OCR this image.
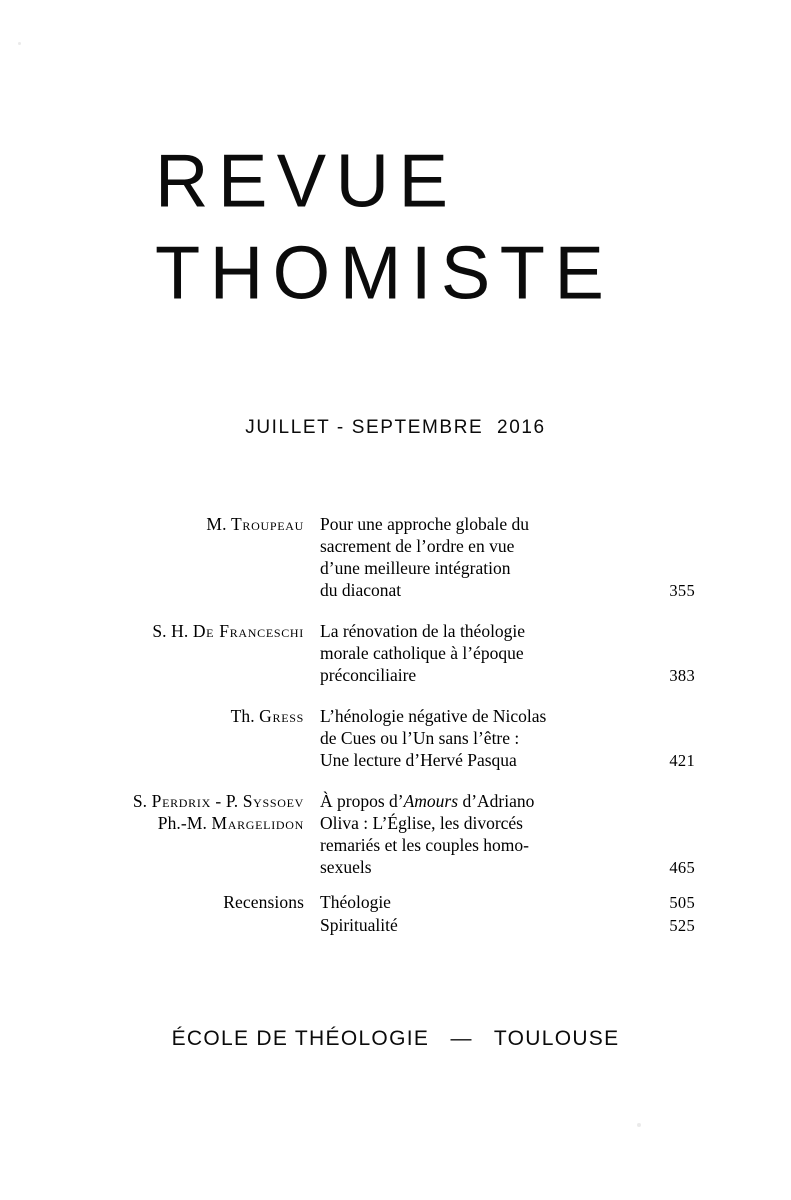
REVUE
THOMISTE
JUILLET - SEPTEMBRE  2016
M. Troupeau Pour une approche globale du
sacrement de l’ordre en vue
d’une meilleure intégration
du diaconat	355
S. H. De Franceschi La rénovation de la théologie
morale catholique à l’époque
préconciliaire	383
Th. Gress L’hénologie négative de Nicolas
de Cues ou l’Un sans l’être :
Une lecture d’Hervé Pasqua	421
S. Perdrix - P. Syssoev
Ph.-M. Margelidon
À propos d’Amours d’Adriano
Oliva : L’Église, les divorcés
remariés et les couples homo-
sexuels	465
Recensions Théologie	505
Spiritualité	525
ÉCOLE DE THÉOLOGIE   —   TOULOUSE
